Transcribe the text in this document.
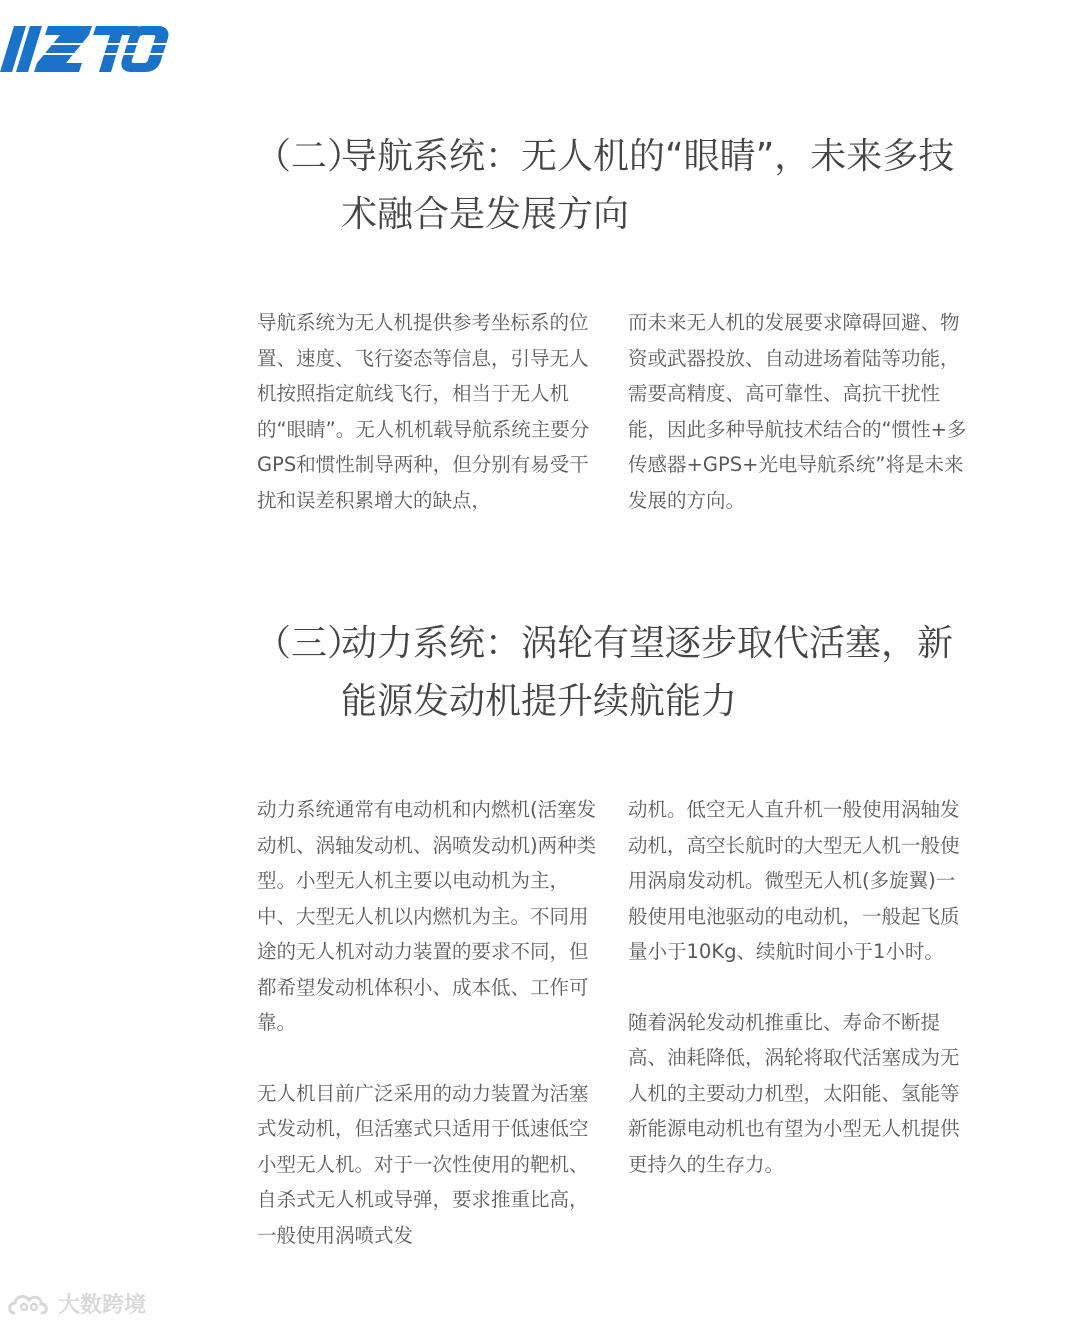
（二）
导航系统：无人机的“眼睛”，未来多技术融合是发展方向

导航系统为无人机提供参考坐标系的位置、速度、飞行姿态等信息，引导无人机按照指定航线飞行，相当于无人机的“眼睛”。无人机机载导航系统主要分GPS和惯性制导两种，但分别有易受干扰和误差积累增大的缺点，

而未来无人机的发展要求障碍回避、物资或武器投放、自动进场着陆等功能，需要高精度、高可靠性、高抗干扰性能，因此多种导航技术结合的“惯性+多传感器+GPS+光电导航系统”将是未来发展的方向。

（三）
动力系统：涡轮有望逐步取代活塞，新能源发动机提升续航能力

动力系统通常有电动机和内燃机(活塞发动机、涡轴发动机、涡喷发动机)两种类型。小型无人机主要以电动机为主，中、大型无人机以内燃机为主。不同用途的无人机对动力装置的要求不同，但都希望发动机体积小、成本低、工作可靠。

无人机目前广泛采用的动力装置为活塞式发动机，但活塞式只适用于低速低空小型无人机。对于一次性使用的靶机、自杀式无人机或导弹，要求推重比高，一般使用涡喷式发

动机。低空无人直升机一般使用涡轴发动机，高空长航时的大型无人机一般使用涡扇发动机。微型无人机(多旋翼)一般使用电池驱动的电动机，一般起飞质量小于10Kg、续航时间小于1小时。

随着涡轮发动机推重比、寿命不断提高、油耗降低，涡轮将取代活塞成为无人机的主要动力机型，太阳能、氢能等新能源电动机也有望为小型无人机提供更持久的生存力。

大数跨境
